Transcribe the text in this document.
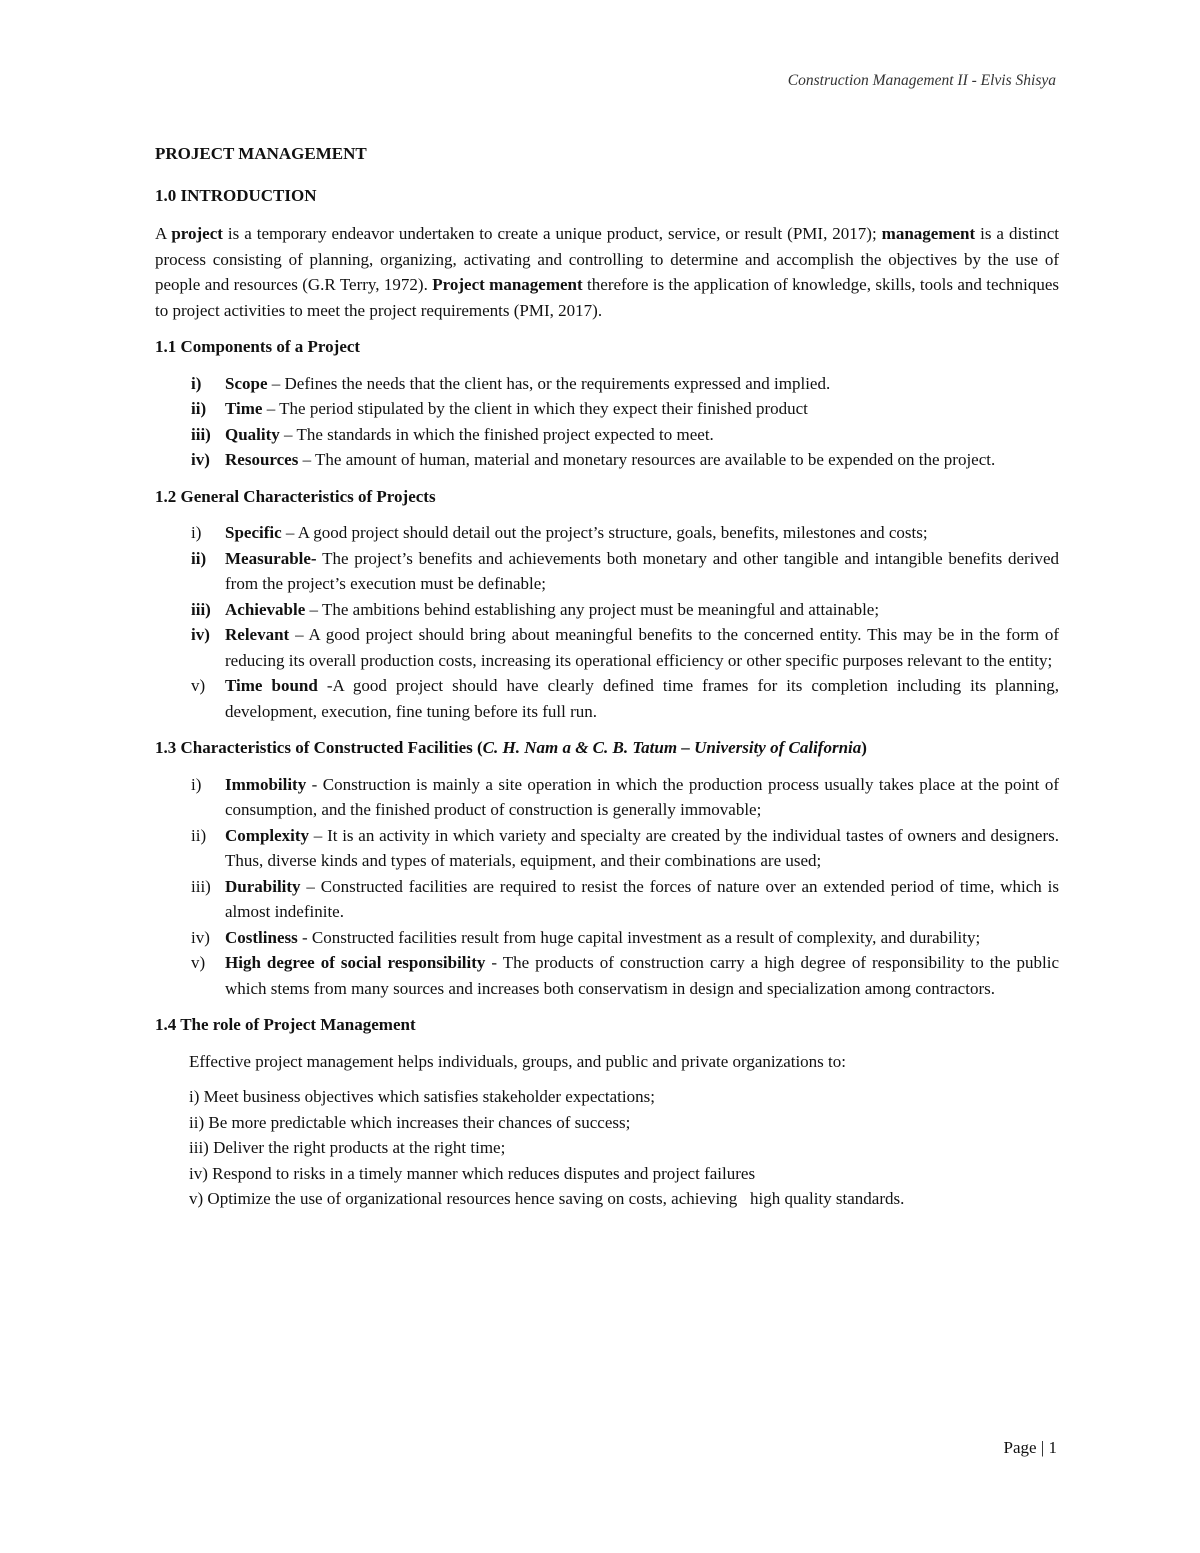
Construction Management II - Elvis Shisya

PROJECT MANAGEMENT

1.0 INTRODUCTION

A project is a temporary endeavor undertaken to create a unique product, service, or result (PMI, 2017); management is a distinct process consisting of planning, organizing, activating and controlling to determine and accomplish the objectives by the use of people and resources (G.R Terry, 1972). Project management therefore is the application of knowledge, skills, tools and techniques to project activities to meet the project requirements (PMI, 2017).

1.1 Components of a Project

i) Scope – Defines the needs that the client has, or the requirements expressed and implied.
ii) Time – The period stipulated by the client in which they expect their finished product
iii) Quality – The standards in which the finished project expected to meet.
iv) Resources – The amount of human, material and monetary resources are available to be expended on the project.

1.2 General Characteristics of Projects

i) Specific – A good project should detail out the project’s structure, goals, benefits, milestones and costs;
ii) Measurable- The project’s benefits and achievements both monetary and other tangible and intangible benefits derived from the project’s execution must be definable;
iii) Achievable – The ambitions behind establishing any project must be meaningful and attainable;
iv) Relevant – A good project should bring about meaningful benefits to the concerned entity. This may be in the form of reducing its overall production costs, increasing its operational efficiency or other specific purposes relevant to the entity;
v) Time bound -A good project should have clearly defined time frames for its completion including its planning, development, execution, fine tuning before its full run.

1.3 Characteristics of Constructed Facilities (C. H. Nam a & C. B. Tatum – University of California)

i) Immobility - Construction is mainly a site operation in which the production process usually takes place at the point of consumption, and the finished product of construction is generally immovable;
ii) Complexity – It is an activity in which variety and specialty are created by the individual tastes of owners and designers. Thus, diverse kinds and types of materials, equipment, and their combinations are used;
iii) Durability – Constructed facilities are required to resist the forces of nature over an extended period of time, which is almost indefinite.
iv) Costliness - Constructed facilities result from huge capital investment as a result of complexity, and durability;
v) High degree of social responsibility - The products of construction carry a high degree of responsibility to the public which stems from many sources and increases both conservatism in design and specialization among contractors.

1.4 The role of Project Management

Effective project management helps individuals, groups, and public and private organizations to:

i) Meet business objectives which satisfies stakeholder expectations;
ii) Be more predictable which increases their chances of success;
iii) Deliver the right products at the right time;
iv) Respond to risks in a timely manner which reduces disputes and project failures
v) Optimize the use of organizational resources hence saving on costs, achieving   high quality standards.
Page | 1
